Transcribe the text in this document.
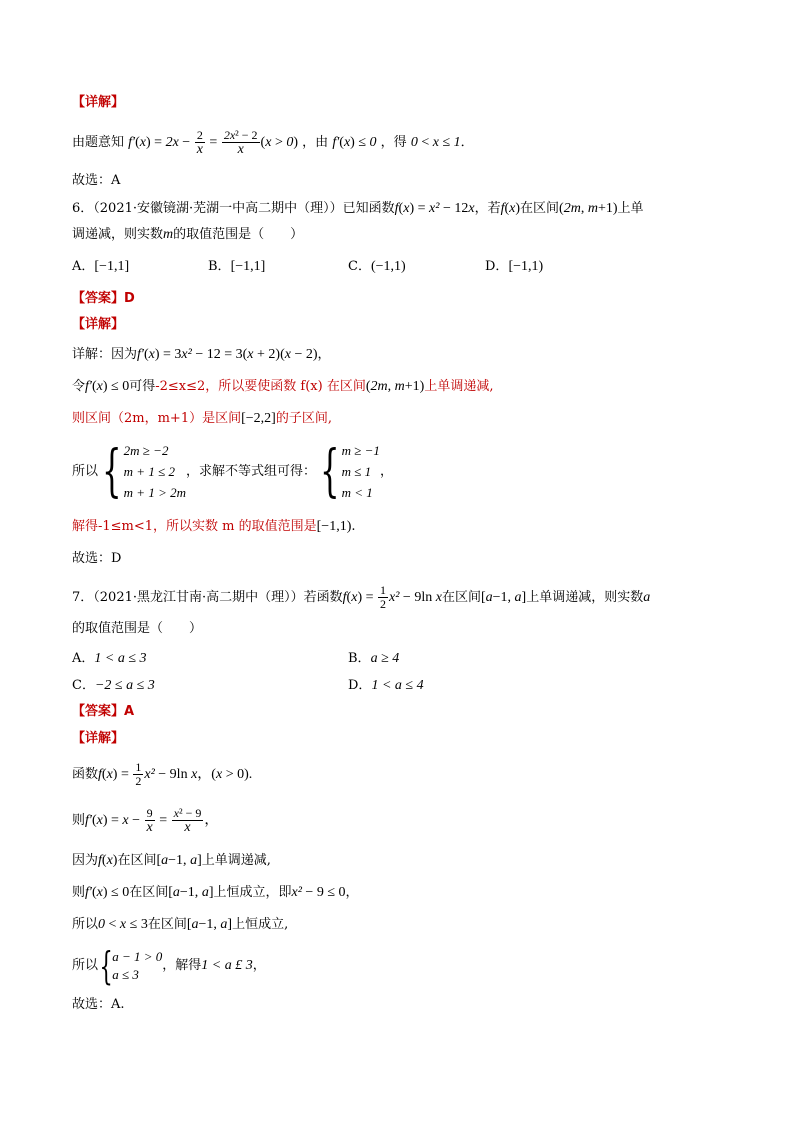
【详解】
由题意知 $f'(x) = 2x - \frac{2}{x} = \frac{\text{2x² − 2}}{x} (x > 0)$ ，由 f′(x) ≤ 0 ，得 0 < x ≤ 1．
故选：A
6．（2021·安徽镜湖·芜湖一中高二期中（理））已知函数f(x) = x² − 12x，若f(x)在区间(2m, m+1)上单
调递减，则实数m的取值范围是（　　）
A．[−1,1]	B．[−1,1]	C．(−1,1)	D．[−1,1)
【答案】D
【详解】
详解：因为f′(x) = 3x² − 12 = 3(x + 2)(x − 2)，
令f′(x) ≤ 0可得-2≤x≤2，所以要使函数 f(x) 在区间(2m, m+1)上单调递减,
则区间（2m，m+1）是区间[−2,2]的子区间,
所以{ 2m ≥ −2
m + 1 ≤ 2
m + 1 > 2m
，求解不等式组可得：{ m ≥ −1
m ≤ 1
m < 1
，
解得-1≤m<1，所以实数 m 的取值范围是[−1,1).
故选：D
7．（2021·黑龙江甘南·高二期中（理））若函数$f(x) = \frac{1}{2} x^2 - 9\ln$ x在区间[a−1, a]上单调递减，则实数a
的取值范围是（　　）
A．1 < a ≤ 3	B．a ≥ 4
C．−2 ≤ a ≤ 3	D．1 < a ≤ 4
【答案】A
【详解】
函数$f(x) = \frac{1}{2} x^2 - 9\ln$ x，(x > 0).
则$f'(x) = x - \frac{9}{x} = \frac{\text{x² − 9}}{x}$ ，
因为f(x)在区间[a−1, a]上单调递减,
则f′(x) ≤ 0在区间[a−1, a]上恒成立，即x² − 9 ≤ 0，
所以0 < x ≤ 3在区间[a−1, a]上恒成立,
所以{ a − 1 > 0
a ≤ 3
，解得1 < a £ 3，
故选：A.
